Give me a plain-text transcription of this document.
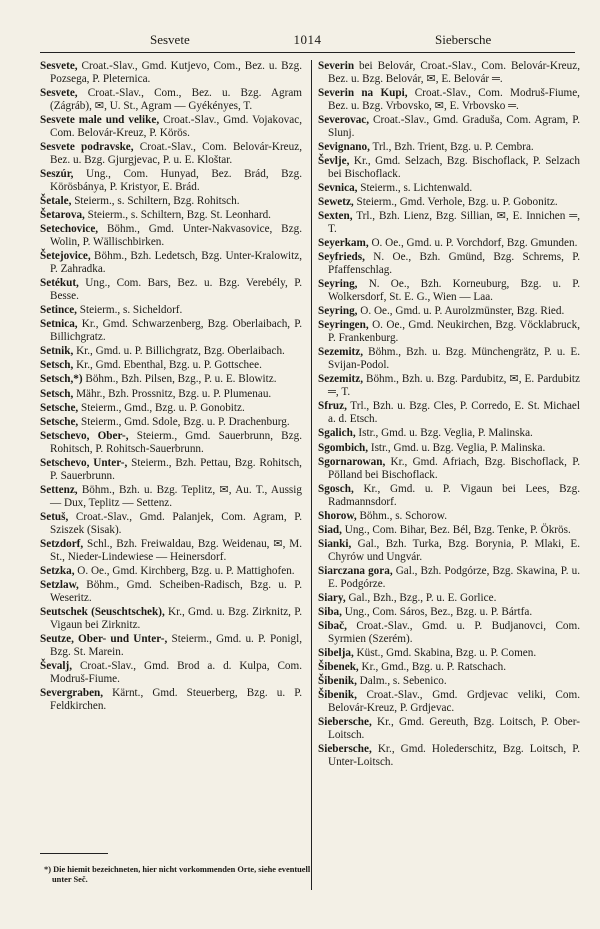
Sesvete	1014	Siebersche
Sesvete, Croat.-Slav., Gmd. Kutjevo, Com., Bez. u. Bzg. Pozsega, P. Pleternica.
Sesvete, Croat.-Slav., Com., Bez. u. Bzg. Agram (Zágráb), ✉, U. St., Agram — Gyékényes, T.
Sesvete male und velike, Croat.-Slav., Gmd. Vojakovac, Com. Belovár-Kreuz, P. Körös.
Sesvete podravske, Croat.-Slav., Com. Belovár-Kreuz, Bez. u. Bzg. Gjurgjevac, P. u. E. Kloštar.
Seszúr, Ung., Com. Hunyad, Bez. Brád, Bzg. Körösbánya, P. Kristyor, E. Brád.
Šetale, Steierm., s. Schiltern, Bzg. Rohitsch.
Šetarova, Steierm., s. Schiltern, Bzg. St. Leonhard.
Setechovice, Böhm., Gmd. Unter-Nakvasovice, Bzg. Wolin, P. Wällischbirken.
Šetejovice, Böhm., Bzh. Ledetsch, Bzg. Unter-Kralowitz, P. Zahradka.
Setékut, Ung., Com. Bars, Bez. u. Bzg. Verebély, P. Besse.
Setince, Steierm., s. Sicheldorf.
Setnica, Kr., Gmd. Schwarzenberg, Bzg. Oberlaibach, P. Billichgratz.
Setnik, Kr., Gmd. u. P. Billichgratz, Bzg. Oberlaibach.
Setsch, Kr., Gmd. Ebenthal, Bzg. u. P. Gottschee.
Setsch,*) Böhm., Bzh. Pilsen, Bzg., P. u. E. Blowitz.
Setsch, Mähr., Bzh. Prossnitz, Bzg. u. P. Plumenau.
Setsche, Steierm., Gmd., Bzg. u. P. Gonobitz.
Setsche, Steierm., Gmd. Sdole, Bzg. u. P. Drachenburg.
Setschevo, Ober-, Steierm., Gmd. Sauerbrunn, Bzg. Rohitsch, P. Rohitsch-Sauerbrunn.
Setschevo, Unter-, Steierm., Bzh. Pettau, Bzg. Rohitsch, P. Sauerbrunn.
Settenz, Böhm., Bzh. u. Bzg. Teplitz, ✉, Au. T., Aussig — Dux, Teplitz — Settenz.
Setuš, Croat.-Slav., Gmd. Palanjek, Com. Agram, P. Sziszek (Sisak).
Setzdorf, Schl., Bzh. Freiwaldau, Bzg. Weidenau, ✉, M. St., Nieder-Lindewiese — Heinersdorf.
Setzka, O. Oe., Gmd. Kirchberg, Bzg. u. P. Mattighofen.
Setzlaw, Böhm., Gmd. Scheiben-Radisch, Bzg. u. P. Weseritz.
Seutschek (Seuschtschek), Kr., Gmd. u. Bzg. Zirknitz, P. Vigaun bei Zirknitz.
Seutze, Ober- und Unter-, Steierm., Gmd. u. P. Ponigl, Bzg. St. Marein.
Ševalj, Croat.-Slav., Gmd. Brod a. d. Kulpa, Com. Modruš-Fiume.
Severgraben, Kärnt., Gmd. Steuerberg, Bzg. u. P. Feldkirchen.
Severin bei Belovár, Croat.-Slav., Com. Belovár-Kreuz, Bez. u. Bzg. Belovár, ✉, E. Belovár ═.
Severin na Kupi, Croat.-Slav., Com. Modruš-Fiume, Bez. u. Bzg. Vrbovsko, ✉, E. Vrbovsko ═.
Severovac, Croat.-Slav., Gmd. Graduša, Com. Agram, P. Slunj.
Sevignano, Trl., Bzh. Trient, Bzg. u. P. Cembra.
Ševlje, Kr., Gmd. Selzach, Bzg. Bischoflack, P. Selzach bei Bischoflack.
Sevnica, Steierm., s. Lichtenwald.
Sewetz, Steierm., Gmd. Verhole, Bzg. u. P. Gobonitz.
Sexten, Trl., Bzh. Lienz, Bzg. Sillian, ✉, E. Innichen ═, T.
Seyerkam, O. Oe., Gmd. u. P. Vorchdorf, Bzg. Gmunden.
Seyfrieds, N. Oe., Bzh. Gmünd, Bzg. Schrems, P. Pfaffenschlag.
Seyring, N. Oe., Bzh. Korneuburg, Bzg. u. P. Wolkersdorf, St. E. G., Wien — Laa.
Seyring, O. Oe., Gmd. u. P. Aurolzmünster, Bzg. Ried.
Seyringen, O. Oe., Gmd. Neukirchen, Bzg. Vöcklabruck, P. Frankenburg.
Sezemitz, Böhm., Bzh. u. Bzg. Münchengrätz, P. u. E. Svijan-Podol.
Sezemitz, Böhm., Bzh. u. Bzg. Pardubitz, ✉, E. Pardubitz ═, T.
Sfruz, Trl., Bzh. u. Bzg. Cles, P. Corredo, E. St. Michael a. d. Etsch.
Sgalich, Istr., Gmd. u. Bzg. Veglia, P. Malinska.
Sgombich, Istr., Gmd. u. Bzg. Veglia, P. Malinska.
Sgornarowan, Kr., Gmd. Afriach, Bzg. Bischoflack, P. Pölland bei Bischoflack.
Sgosch, Kr., Gmd. u. P. Vigaun bei Lees, Bzg. Radmannsdorf.
Shorow, Böhm., s. Schorow.
Siad, Ung., Com. Bihar, Bez. Bél, Bzg. Tenke, P. Ökrös.
Sianki, Gal., Bzh. Turka, Bzg. Borynia, P. Mlaki, E. Chyrów und Ungvár.
Siarczana gora, Gal., Bzh. Podgórze, Bzg. Skawina, P. u. E. Podgórze.
Siary, Gal., Bzh., Bzg., P. u. E. Gorlice.
Siba, Ung., Com. Sáros, Bez., Bzg. u. P. Bártfa.
Sibač, Croat.-Slav., Gmd. u. P. Budjanovci, Com. Syrmien (Szerém).
Sibelja, Küst., Gmd. Skabina, Bzg. u. P. Comen.
Šibenek, Kr., Gmd., Bzg. u. P. Ratschach.
Šibenik, Dalm., s. Sebenico.
Šibenik, Croat.-Slav., Gmd. Grdjevac veliki, Com. Belovár-Kreuz, P. Grdjevac.
Siebersche, Kr., Gmd. Gereuth, Bzg. Loitsch, P. Ober-Loitsch.
Siebersche, Kr., Gmd. Holederschitz, Bzg. Loitsch, P. Unter-Loitsch.
*) Die hiemit bezeichneten, hier nicht vorkommenden Orte, siehe eventuell unter Seč.
